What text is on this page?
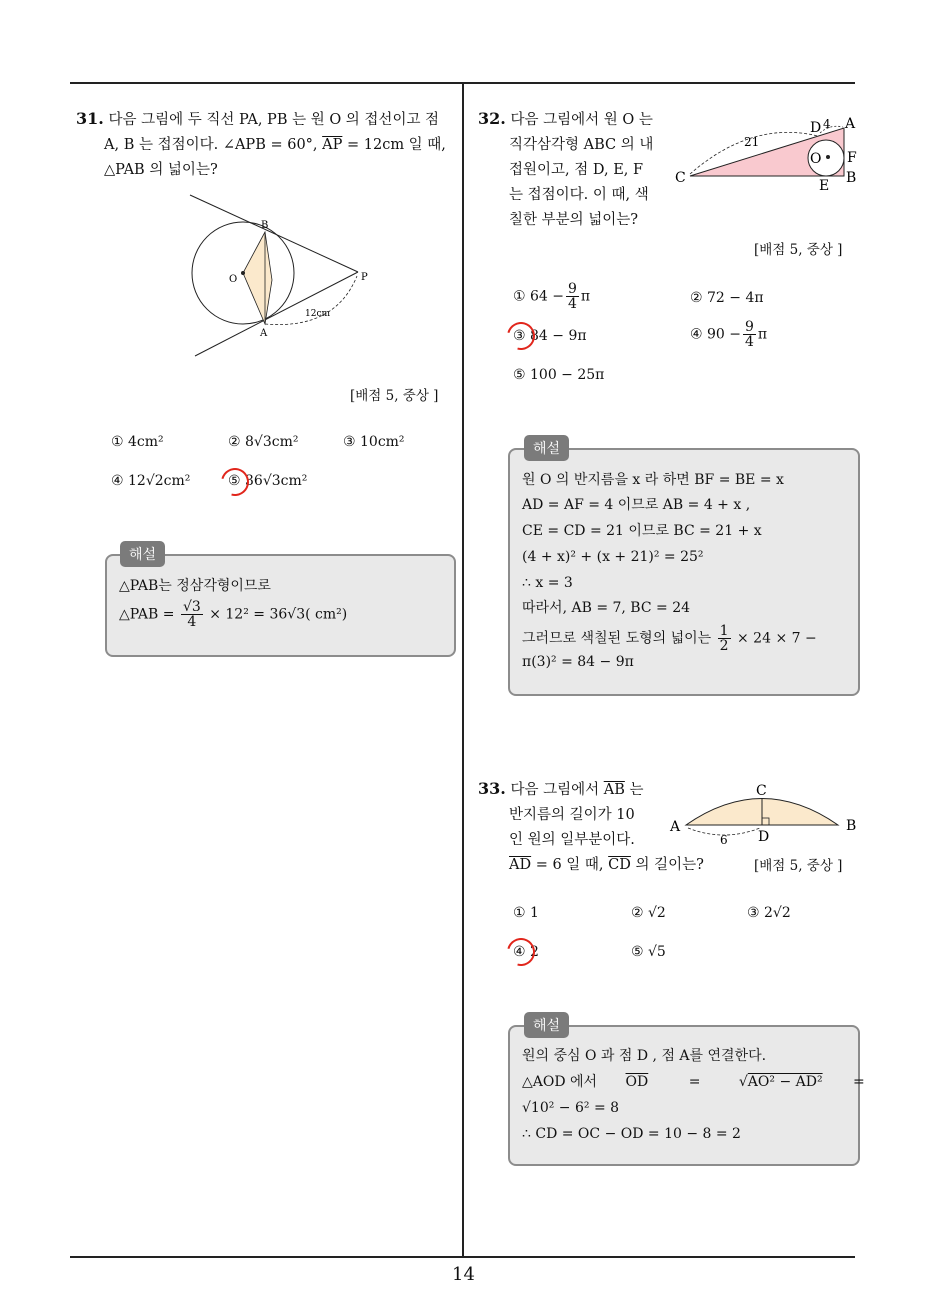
31. 다음 그림에 두 직선 PA, PB 는 원 O 의 접선이고 점
A, B 는 접점이다. ∠APB = 60°, $\overline{AP} = 12cm$ 일 때,
△PAB 의 넓이는?
B
O	P
A
12cm
[배점 5, 중상 ]
① 4cm²	② 8√3cm²	③ 10cm²
④ 12√2cm²	⑤ 36√3cm²
해설
△PAB는 정삼각형이므로
△PAB = $\frac{√3}{4} \times 12^2 = 36√3$( cm²)
32. 다음 그림에서 원 O 는
직각삼각형 ABC 의 내
접원이고, 점 D, E, F
는 접점이다. 이 때, 색
칠한 부분의 넓이는?
D A
4
21
O F
C	E B
[배점 5, 중상 ]
① $64 - \frac{9}{4}$ π	② 72 − 4π
③ 84 − 9π	④ $90 - \frac{9}{4}$ π
⑤ 100 − 25π
해설
원 O 의 반지름을 x 라 하면 BF = BE = x
AD = AF = 4 이므로 AB = 4 + x ,
CE = CD = 21 이므로 BC = 21 + x
(4 + x)² + (x + 21)² = 25²
∴ x = 3
따라서, AB = 7, BC = 24
그러므로 색칠된 도형의 넓이는 $\frac{1}{2} \times 24 \times 7$ −
π(3)² = 84 − 9π
33. 다음 그림에서 $\overline{AB}$ 는
반지름의 길이가 10
인 원의 일부분이다.
$\overline{AD} = 6$ 일 때, $\overline{CD}$ 의 길이는?
C
A	B
D
6
[배점 5, 중상 ]
① 1	② √2	③ 2√2
④ 2	⑤ √5
해설
원의 중심 O 과 점 D , 점 A를 연결한다.
△AOD 에서 $\overline{OD}$	=	√AO² − AD² =
√10² − 6² = 8
∴ CD = OC − OD = 10 − 8 = 2
14
